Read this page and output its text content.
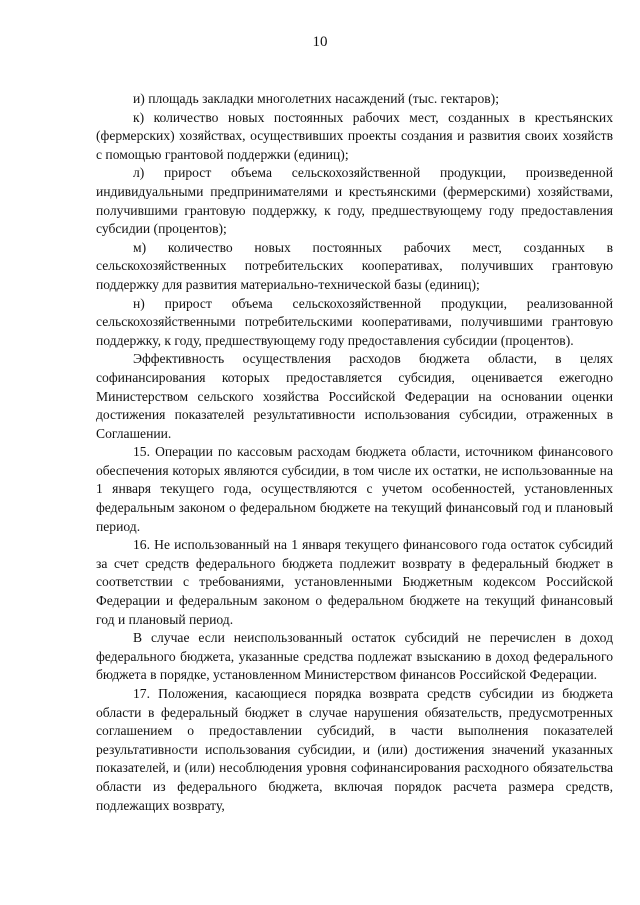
10

и) площадь закладки многолетних насаждений (тыс. гектаров);

к) количество новых постоянных рабочих мест, созданных в крестьянских (фермерских) хозяйствах, осуществивших проекты создания и развития своих хозяйств с помощью грантовой поддержки (единиц);

л) прирост объема сельскохозяйственной продукции, произведенной индивидуальными предпринимателями и крестьянскими (фермерскими) хозяйствами, получившими грантовую поддержку, к году, предшествующему году предоставления субсидии (процентов);

м) количество новых постоянных рабочих мест, созданных в сельскохозяйственных потребительских кооперативах, получивших грантовую поддержку для развития материально-технической базы (единиц);

н) прирост объема сельскохозяйственной продукции, реализованной сельскохозяйственными потребительскими кооперативами, получившими грантовую поддержку, к году, предшествующему году предоставления субсидии (процентов).

Эффективность осуществления расходов бюджета области, в целях софинансирования которых предоставляется субсидия, оценивается ежегодно Министерством сельского хозяйства Российской Федерации на основании оценки достижения показателей результативности использования субсидии, отраженных в Соглашении.

15. Операции по кассовым расходам бюджета области, источником финансового обеспечения которых являются субсидии, в том числе их остатки, не использованные на 1 января текущего года, осуществляются с учетом особенностей, установленных федеральным законом о федеральном бюджете на текущий финансовый год и плановый период.

16. Не использованный на 1 января текущего финансового года остаток субсидий за счет средств федерального бюджета подлежит возврату в федеральный бюджет в соответствии с требованиями, установленными Бюджетным кодексом Российской Федерации и федеральным законом о федеральном бюджете на текущий финансовый год и плановый период.

В случае если неиспользованный остаток субсидий не перечислен в доход федерального бюджета, указанные средства подлежат взысканию в доход федерального бюджета в порядке, установленном Министерством финансов Российской Федерации.

17. Положения, касающиеся порядка возврата средств субсидии из бюджета области в федеральный бюджет в случае нарушения обязательств, предусмотренных соглашением о предоставлении субсидий, в части выполнения показателей результативности использования субсидии, и (или) достижения значений указанных показателей, и (или) несоблюдения уровня софинансирования расходного обязательства области из федерального бюджета, включая порядок расчета размера средств, подлежащих возврату,
